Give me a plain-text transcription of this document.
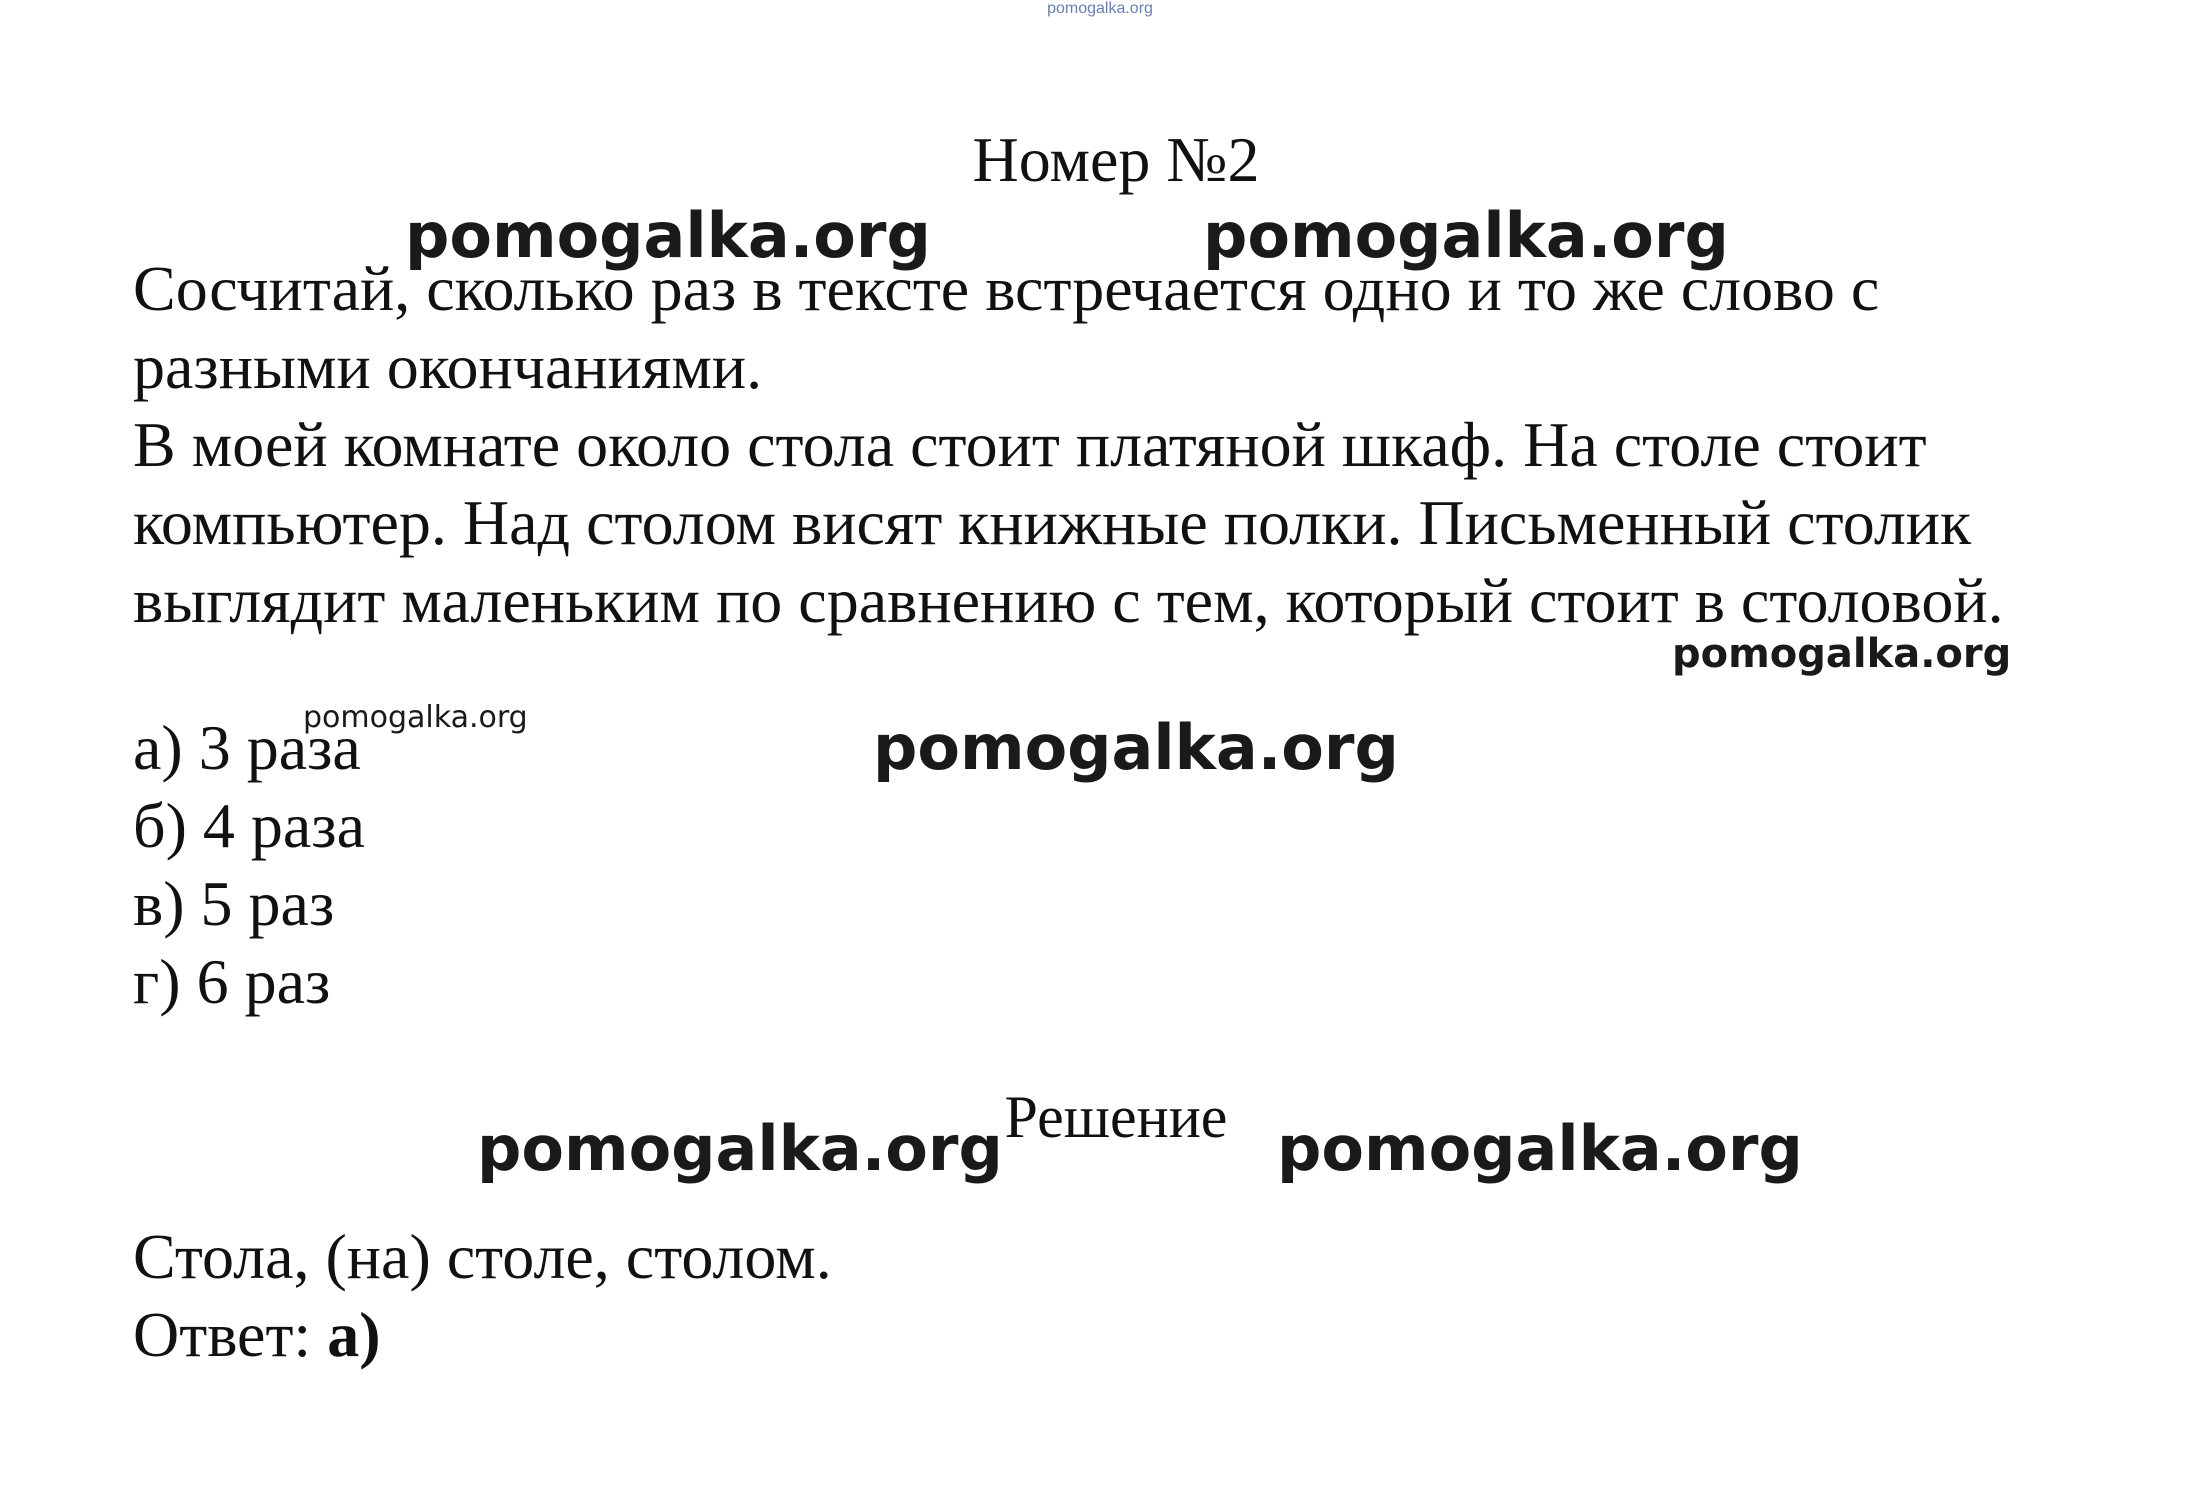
pomogalka.org
Номер №2

Сосчитай, сколько раз в тексте встречается одно и то же слово с разными окончаниями.

В моей комнате около стола стоит платяной шкаф. На столе стоит компьютер. Над столом висят книжные полки. Письменный столик выглядит маленьким по сравнению с тем, который стоит в столовой.

а) 3 раза
б) 4 раза
в) 5 раз
г) 6 раз
Решение
Стола, (на) столе, столом.
Ответ: а)
pomogalka.org	pomogalka.org
pomogalka.org
pomogalka.org	pomogalka.org
pomogalka.org	pomogalka.org
